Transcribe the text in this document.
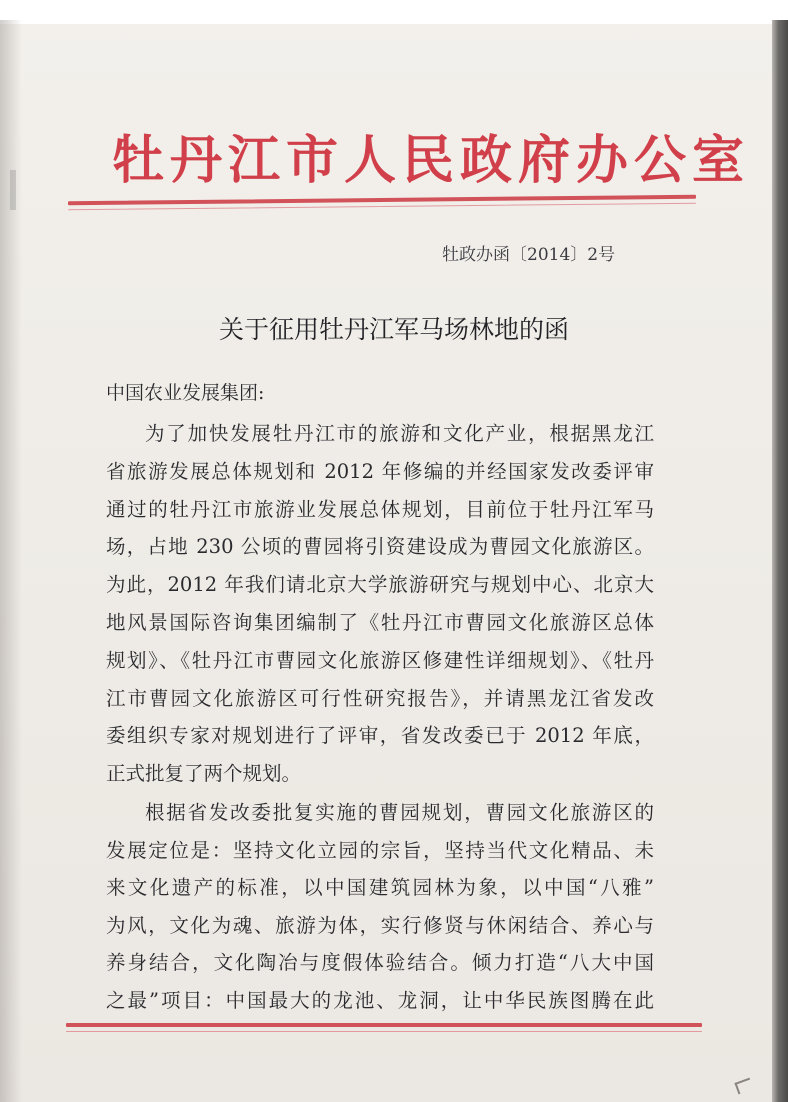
牡丹江市人民政府办公室
牡政办函〔2014〕2号
关于征用牡丹江军马场林地的函
中国农业发展集团:
为了加快发展牡丹江市的旅游和文化产业，根据黑龙江
省旅游发展总体规划和 2012 年修编的并经国家发改委评审
通过的牡丹江市旅游业发展总体规划，目前位于牡丹江军马
场，占地 230 公顷的曹园将引资建设成为曹园文化旅游区。
为此，2012 年我们请北京大学旅游研究与规划中心、北京大
地风景国际咨询集团编制了《牡丹江市曹园文化旅游区总体
规划》、《牡丹江市曹园文化旅游区修建性详细规划》、《牡丹
江市曹园文化旅游区可行性研究报告》，并请黑龙江省发改
委组织专家对规划进行了评审，省发改委已于 2012 年底，
正式批复了两个规划。
根据省发改委批复实施的曹园规划，曹园文化旅游区的
发展定位是：坚持文化立园的宗旨，坚持当代文化精品、未
来文化遗产的标准，以中国建筑园林为象，以中国“八雅”
为风，文化为魂、旅游为体，实行修贤与休闲结合、养心与
养身结合，文化陶冶与度假体验结合。倾力打造“八大中国
之最”项目：中国最大的龙池、龙洞，让中华民族图腾在此
